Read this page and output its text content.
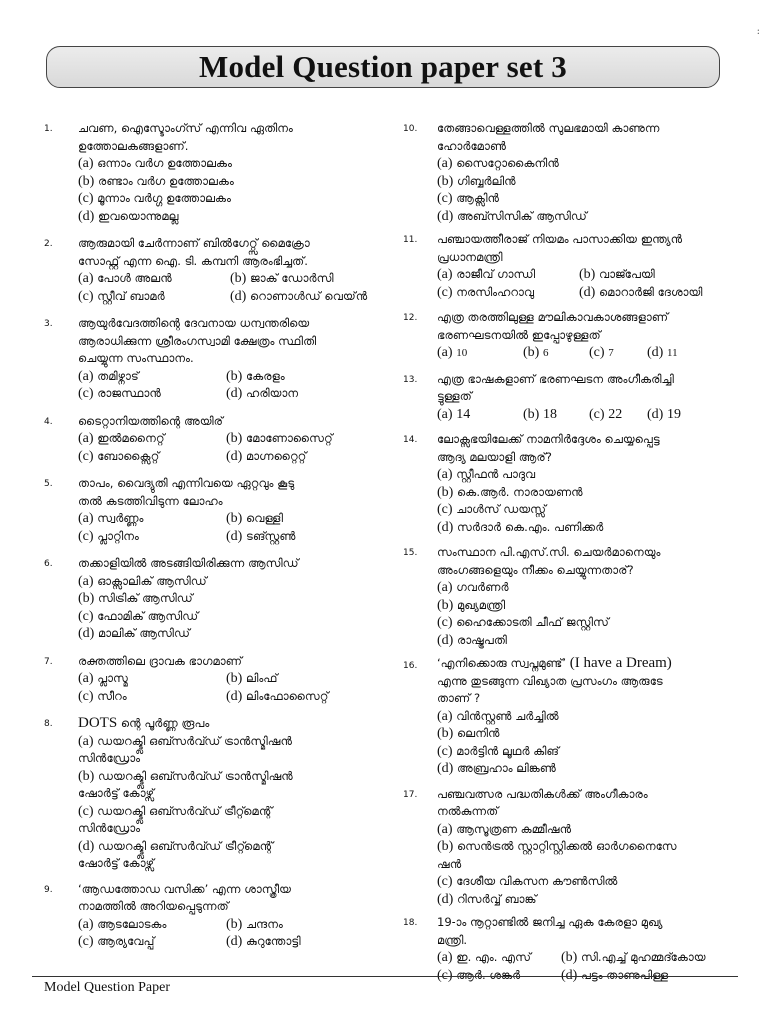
:
Model Question paper set 3
1. ചവണ, ഐസ്ടോംഗ്സ് എന്നിവ ഏതിനം
ഉത്തോലകങ്ങളാണ്.
(a) ഒന്നാം വർഗ ഉത്തോലകം
(b) രണ്ടാം വർഗ ഉത്തോലകം
(c) മൂന്നാം വർഗ്ഗ ഉത്തോലകം
(d) ഇവയൊന്നുമല്ല
2. ആരുമായി ചേർന്നാണ് ബിൽഗേറ്റ്സ് മൈക്രോ
സോഫ്റ്റ് എന്ന ഐ. ടി. കമ്പനി ആരംഭിച്ചത്.
(a) പോൾ അലൻ	(b) ജാക് ഡോർസി
(c) സ്റ്റീവ് ബാമർ	(d) റൊണാൾഡ് വെയ്ൻ
3. ആയുർവേദത്തിന്റെ ദേവനായ ധന്വന്തരിയെ
ആരാധിക്കുന്ന ശ്രീരംഗസ്വാമി ക്ഷേത്രം സ്ഥിതി
ചെയ്യുന്ന സംസ്ഥാനം.
(a) തമിഴ്നാട്	(b) കേരളം
(c) രാജസ്ഥാൻ	(d) ഹരിയാന
4. ടൈറ്റാനിയത്തിന്റെ അയിര്
(a) ഇൽമനൈറ്റ്	(b) മോണോസൈറ്റ്
(c) ബോക്സൈറ്റ്	(d) മാഗ്നറ്റൈറ്റ്
5. താപം, വൈദ്യുതി എന്നിവയെ ഏറ്റവും കൂടു
തൽ കടത്തിവിടുന്ന ലോഹം
(a) സ്വർണ്ണം	(b) വെള്ളി
(c) പ്ലാറ്റിനം	(d) ടങ്സ്റ്റൺ
6. തക്കാളിയിൽ അടങ്ങിയിരിക്കുന്ന ആസിഡ്
(a) ഓക്സാലിക് ആസിഡ്
(b) സിട്രിക് ആസിഡ്
(c) ഫോമിക് ആസിഡ്
(d) മാലിക് ആസിഡ്
7. രക്തത്തിലെ ദ്രാവക ഭാഗമാണ്
(a) പ്ലാസ്മ	(b) ലിംഫ്
(c) സീറം	(d) ലിംഫോസൈറ്റ്
8. DOTS ന്റെ പൂർണ്ണ രൂപം
(a) ഡയറക്ട്ലി ഒബ്സർവ്ഡ് ട്രാൻസ്മിഷൻ
സിൻഡ്രോം
(b) ഡയറക്ട്ലി ഒബ്സർവ്ഡ് ട്രാൻസ്മിഷൻ
ഷോർട്ട് കോഴ്സ്
(c) ഡയറക്ട്ലി ഒബ്സർവ്ഡ് ട്രീറ്റ്മെന്റ്
സിൻഡ്രോം
(d) ഡയറക്ട്ലി ഒബ്സർവ്ഡ് ട്രീറ്റ്മെന്റ്
ഷോർട്ട് കോഴ്സ്
9. ‘ആഡത്തോഡ വസിക്ക’ എന്ന ശാസ്ത്രീയ
നാമത്തിൽ അറിയപ്പെടുന്നത്
(a) ആടലോടകം	(b) ചന്ദനം
(c) ആര്യവേപ്പ്	(d) കുറുന്തോട്ടി
10. തേങ്ങാവെള്ളത്തിൽ സുലഭമായി കാണുന്ന
ഹോർമോൺ
(a) സൈറ്റോകൈനിൻ
(b) ഗിബ്ബർലിൻ
(c) ആക്സിൻ
(d) അബ്സിസിക് ആസിഡ്
11. പഞ്ചായത്തീരാജ് നിയമം പാസാക്കിയ ഇന്ത്യൻ
പ്രധാനമന്ത്രി
(a) രാജീവ് ഗാന്ധി	(b) വാജ്പേയി
(c) നരസിംഹറാവു	(d) മൊറാർജി ദേശായി
12. എത്ര തരത്തിലുള്ള മൗലികാവകാശങ്ങളാണ്
ഭരണഘടനയിൽ ഇപ്പോഴുള്ളത്
(a) 10	(b) 6	(c) 7	(d) 11
13. എത്ര ഭാഷകളാണ് ഭരണഘടന അംഗീകരിച്ചി
ട്ടുള്ളത്
(a) 14	(b) 18	(c) 22	(d) 19
14. ലോക്സഭയിലേക്ക് നാമനിർദ്ദേശം ചെയ്യപ്പെട്ട
ആദ്യ മലയാളി ആര്?
(a) സ്റ്റീഫൻ പാദുവ
(b) കെ.ആർ. നാരായണൻ
(c) ചാൾസ് ഡയസ്സ്
(d) സർദാർ കെ.എം. പണിക്കർ
15. സംസ്ഥാന പി.എസ്.സി. ചെയർമാനെയും
അംഗങ്ങളെയും നീക്കം ചെയ്യുന്നതാര്?
(a) ഗവർണർ
(b) മുഖ്യമന്ത്രി
(c) ഹൈക്കോടതി ചീഫ് ജസ്റ്റിസ്
(d) രാഷ്ട്രപതി
16. ‘എനിക്കൊരു സ്വപ്നമുണ്ട്’ (I have a Dream)
എന്നു തുടങ്ങുന്ന വിഖ്യാത പ്രസംഗം ആരുടേ
താണ് ?
(a) വിൻസ്റ്റൺ ചർച്ചിൽ
(b) ലെനിൻ
(c) മാർട്ടിൻ ലൂഥർ കിങ്
(d) അബ്രഹാം ലിങ്കൺ
17. പഞ്ചവത്സര പദ്ധതികൾക്ക് അംഗീകാരം
നൽകുന്നത്
(a) ആസൂത്രണ കമ്മീഷൻ
(b) സെൻട്രൽ സ്റ്റാറ്റിസ്റ്റിക്കൽ ഓർഗനൈസേ
ഷൻ
(c) ദേശീയ വികസന കൗൺസിൽ
(d) റിസർവ്വ് ബാങ്ക്
18. 19-ാം നൂറ്റാണ്ടിൽ ജനിച്ച ഏക കേരളാ മുഖ്യ
മന്ത്രി.
(a) ഇ. എം. എസ്	(b) സി.എച്ച് മുഹമ്മദ്കോയ
(c) ആർ. ശങ്കർ	(d) പട്ടം താണുപിള്ള
Model Question Paper
